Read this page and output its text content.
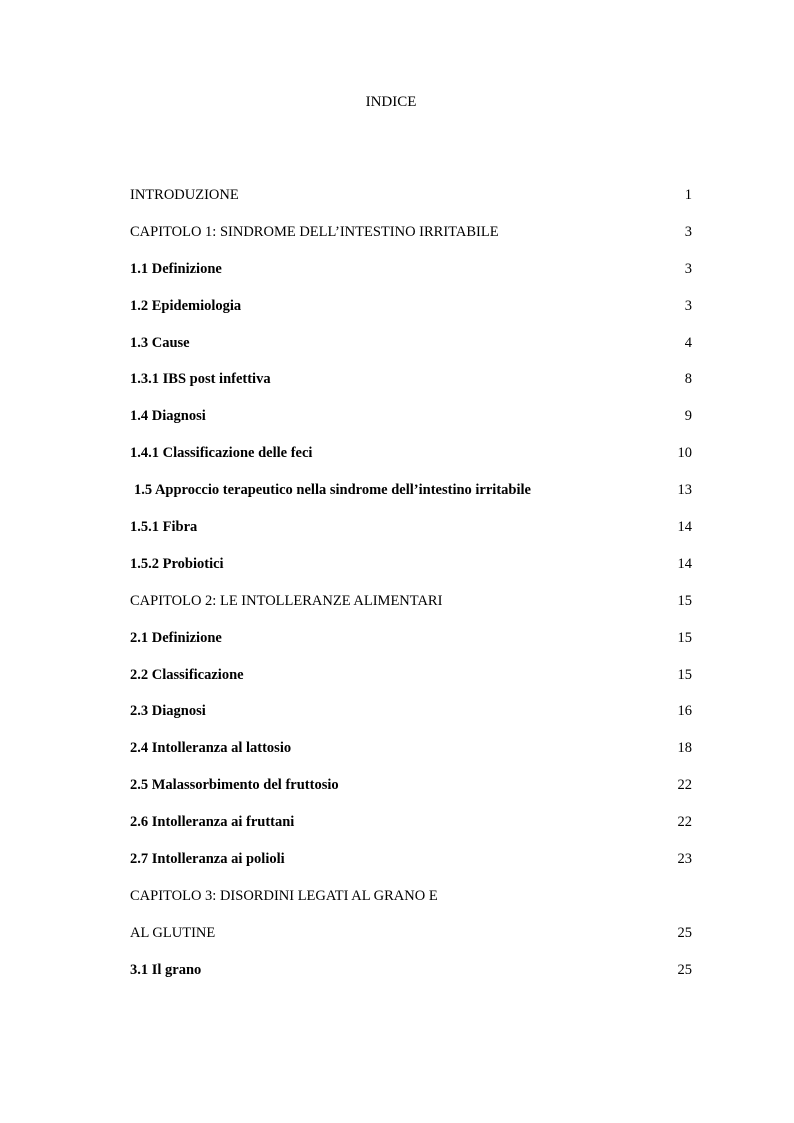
INDICE
INTRODUZIONE	1
CAPITOLO 1: SINDROME DELL’INTESTINO IRRITABILE	3
1.1 Definizione	3
1.2 Epidemiologia	3
1.3 Cause	4
1.3.1 IBS post infettiva	8
1.4 Diagnosi	9
1.4.1 Classificazione delle feci	10
1.5 Approccio terapeutico nella sindrome dell’intestino irritabile	13
1.5.1 Fibra	14
1.5.2 Probiotici	14
CAPITOLO 2: LE INTOLLERANZE ALIMENTARI	15
2.1 Definizione	15
2.2 Classificazione	15
2.3 Diagnosi	16
2.4 Intolleranza al lattosio	18
2.5 Malassorbimento del fruttosio	22
2.6 Intolleranza ai fruttani	22
2.7 Intolleranza ai polioli	23
CAPITOLO 3: DISORDINI LEGATI AL GRANO E
AL GLUTINE	25
3.1 Il grano	25
